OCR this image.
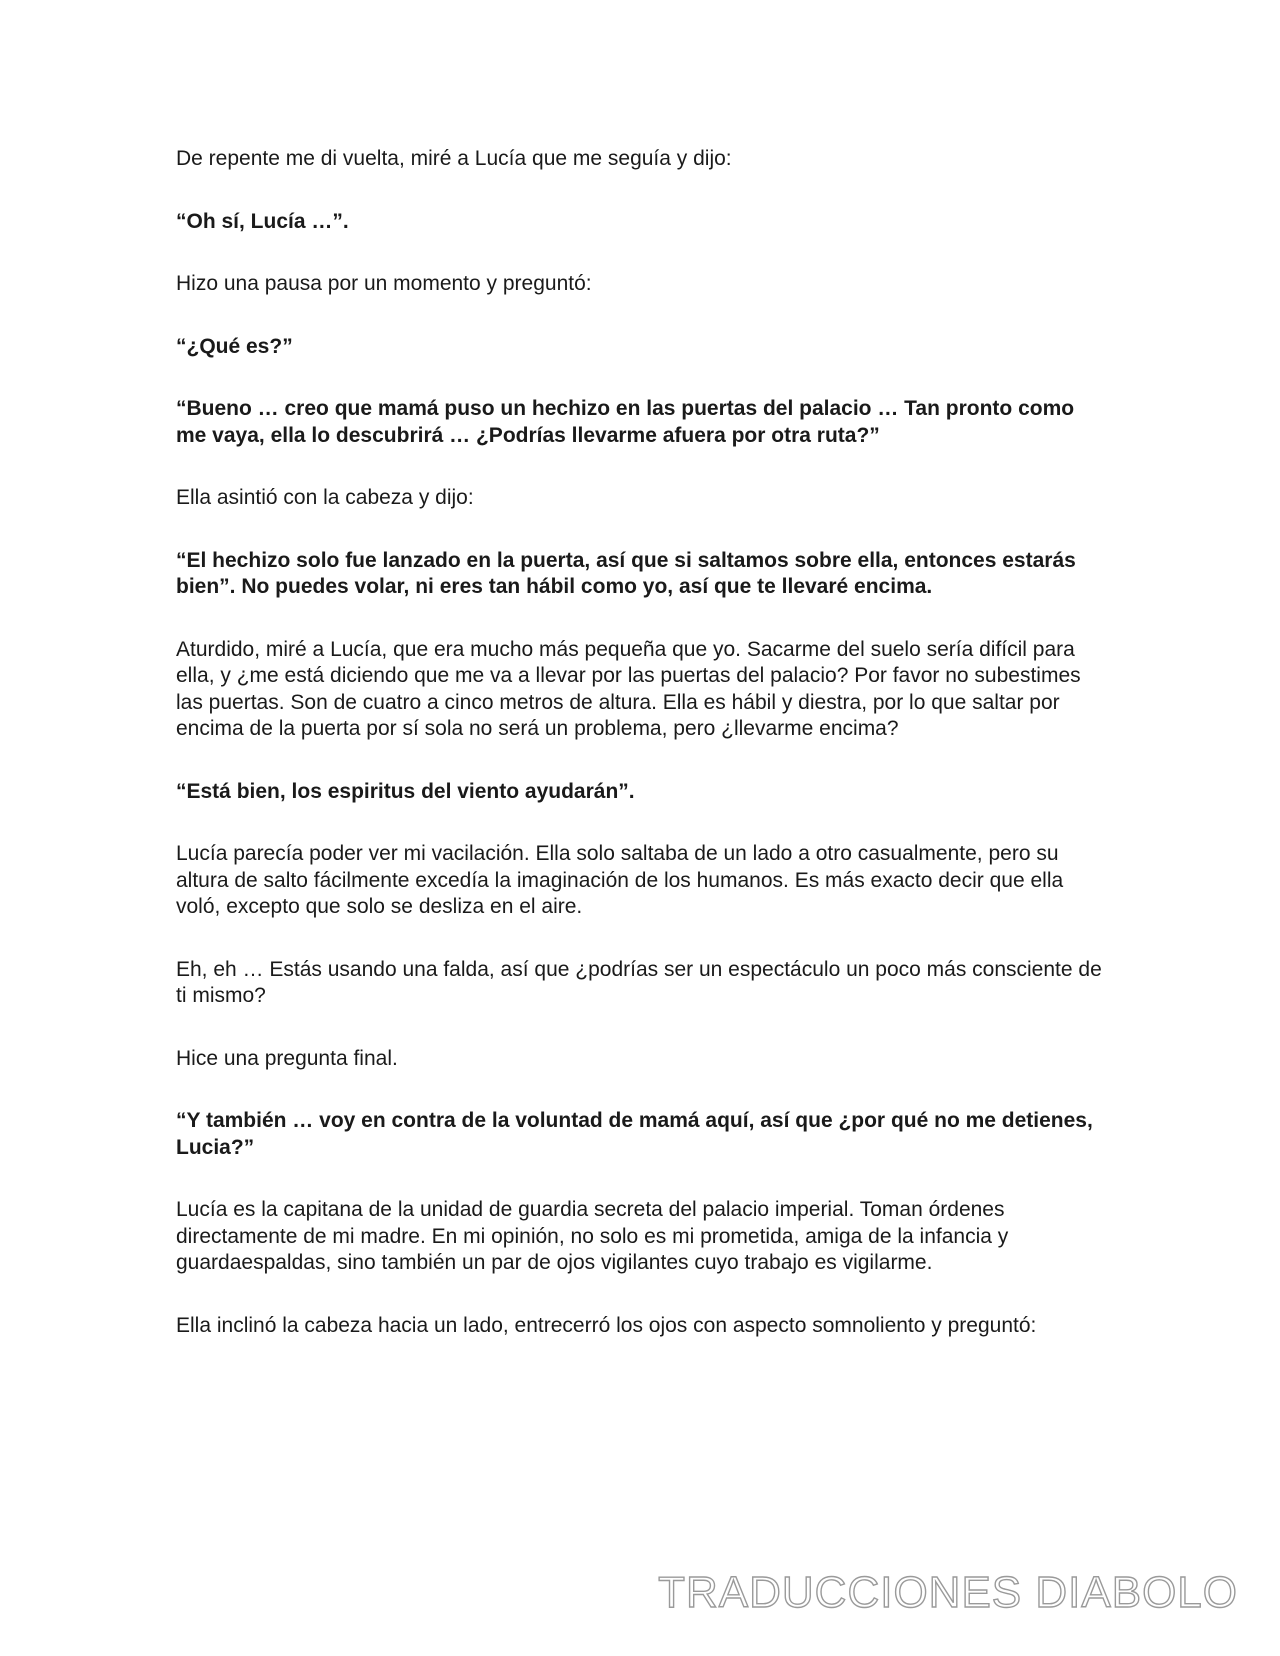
De repente me di vuelta, miré a Lucía que me seguía y dijo:

“Oh sí, Lucía …”.

Hizo una pausa por un momento y preguntó:

“¿Qué es?”

“Bueno … creo que mamá puso un hechizo en las puertas del palacio … Tan pronto como me vaya, ella lo descubrirá … ¿Podrías llevarme afuera por otra ruta?”

Ella asintió con la cabeza y dijo:

“El hechizo solo fue lanzado en la puerta, así que si saltamos sobre ella, entonces estarás bien”. No puedes volar, ni eres tan hábil como yo, así que te llevaré encima.

Aturdido, miré a Lucía, que era mucho más pequeña que yo. Sacarme del suelo sería difícil para ella, y ¿me está diciendo que me va a llevar por las puertas del palacio? Por favor no subestimes las puertas. Son de cuatro a cinco metros de altura. Ella es hábil y diestra, por lo que saltar por encima de la puerta por sí sola no será un problema, pero ¿llevarme encima?

“Está bien, los espiritus del viento ayudarán”.

Lucía parecía poder ver mi vacilación. Ella solo saltaba de un lado a otro casualmente, pero su altura de salto fácilmente excedía la imaginación de los humanos. Es más exacto decir que ella voló, excepto que solo se desliza en el aire.

Eh, eh … Estás usando una falda, así que ¿podrías ser un espectáculo un poco más consciente de ti mismo?

Hice una pregunta final.

“Y también … voy en contra de la voluntad de mamá aquí, así que ¿por qué no me detienes, Lucia?”

Lucía es la capitana de la unidad de guardia secreta del palacio imperial. Toman órdenes directamente de mi madre. En mi opinión, no solo es mi prometida, amiga de la infancia y guardaespaldas, sino también un par de ojos vigilantes cuyo trabajo es vigilarme.

Ella inclinó la cabeza hacia un lado, entrecerró los ojos con aspecto somnoliento y preguntó:

TRADUCCIONES DIABOLO
